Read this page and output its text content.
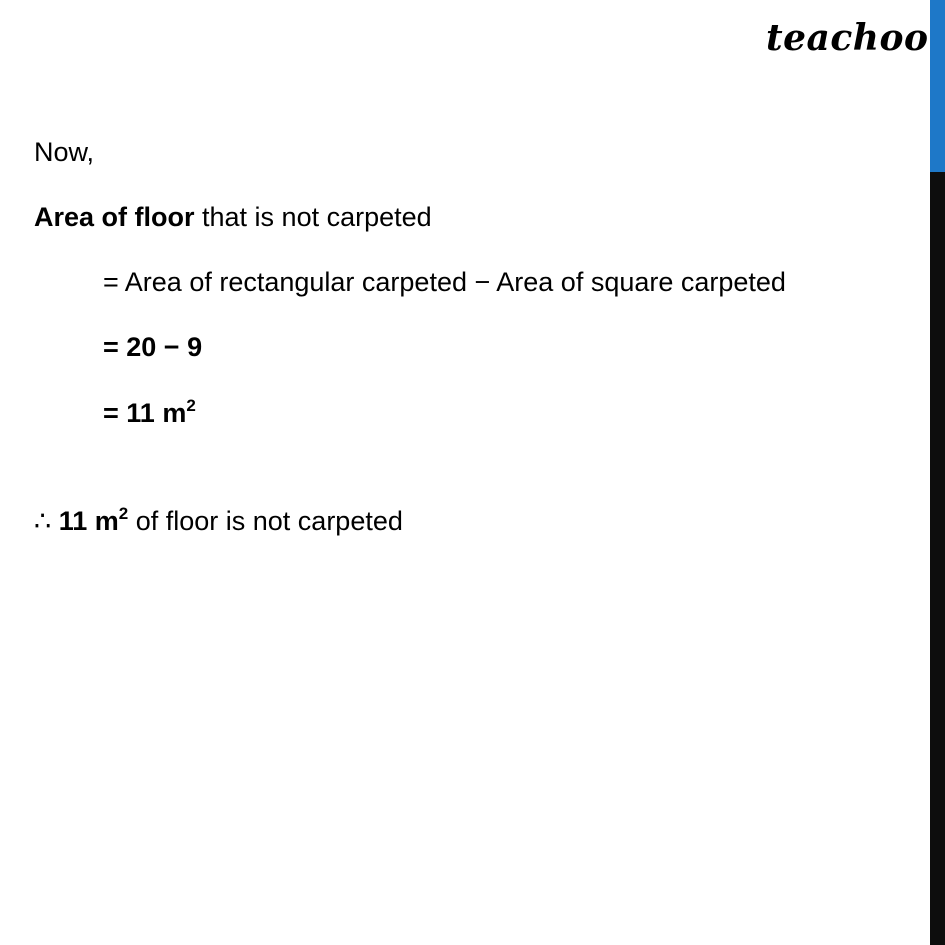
teachoo
Now,
Area of floor that is not carpeted
= Area of rectangular carpeted − Area of square carpeted
= 20 − 9
= 11 $m^2$
∴ 11 $m^2$ of floor is not carpeted
